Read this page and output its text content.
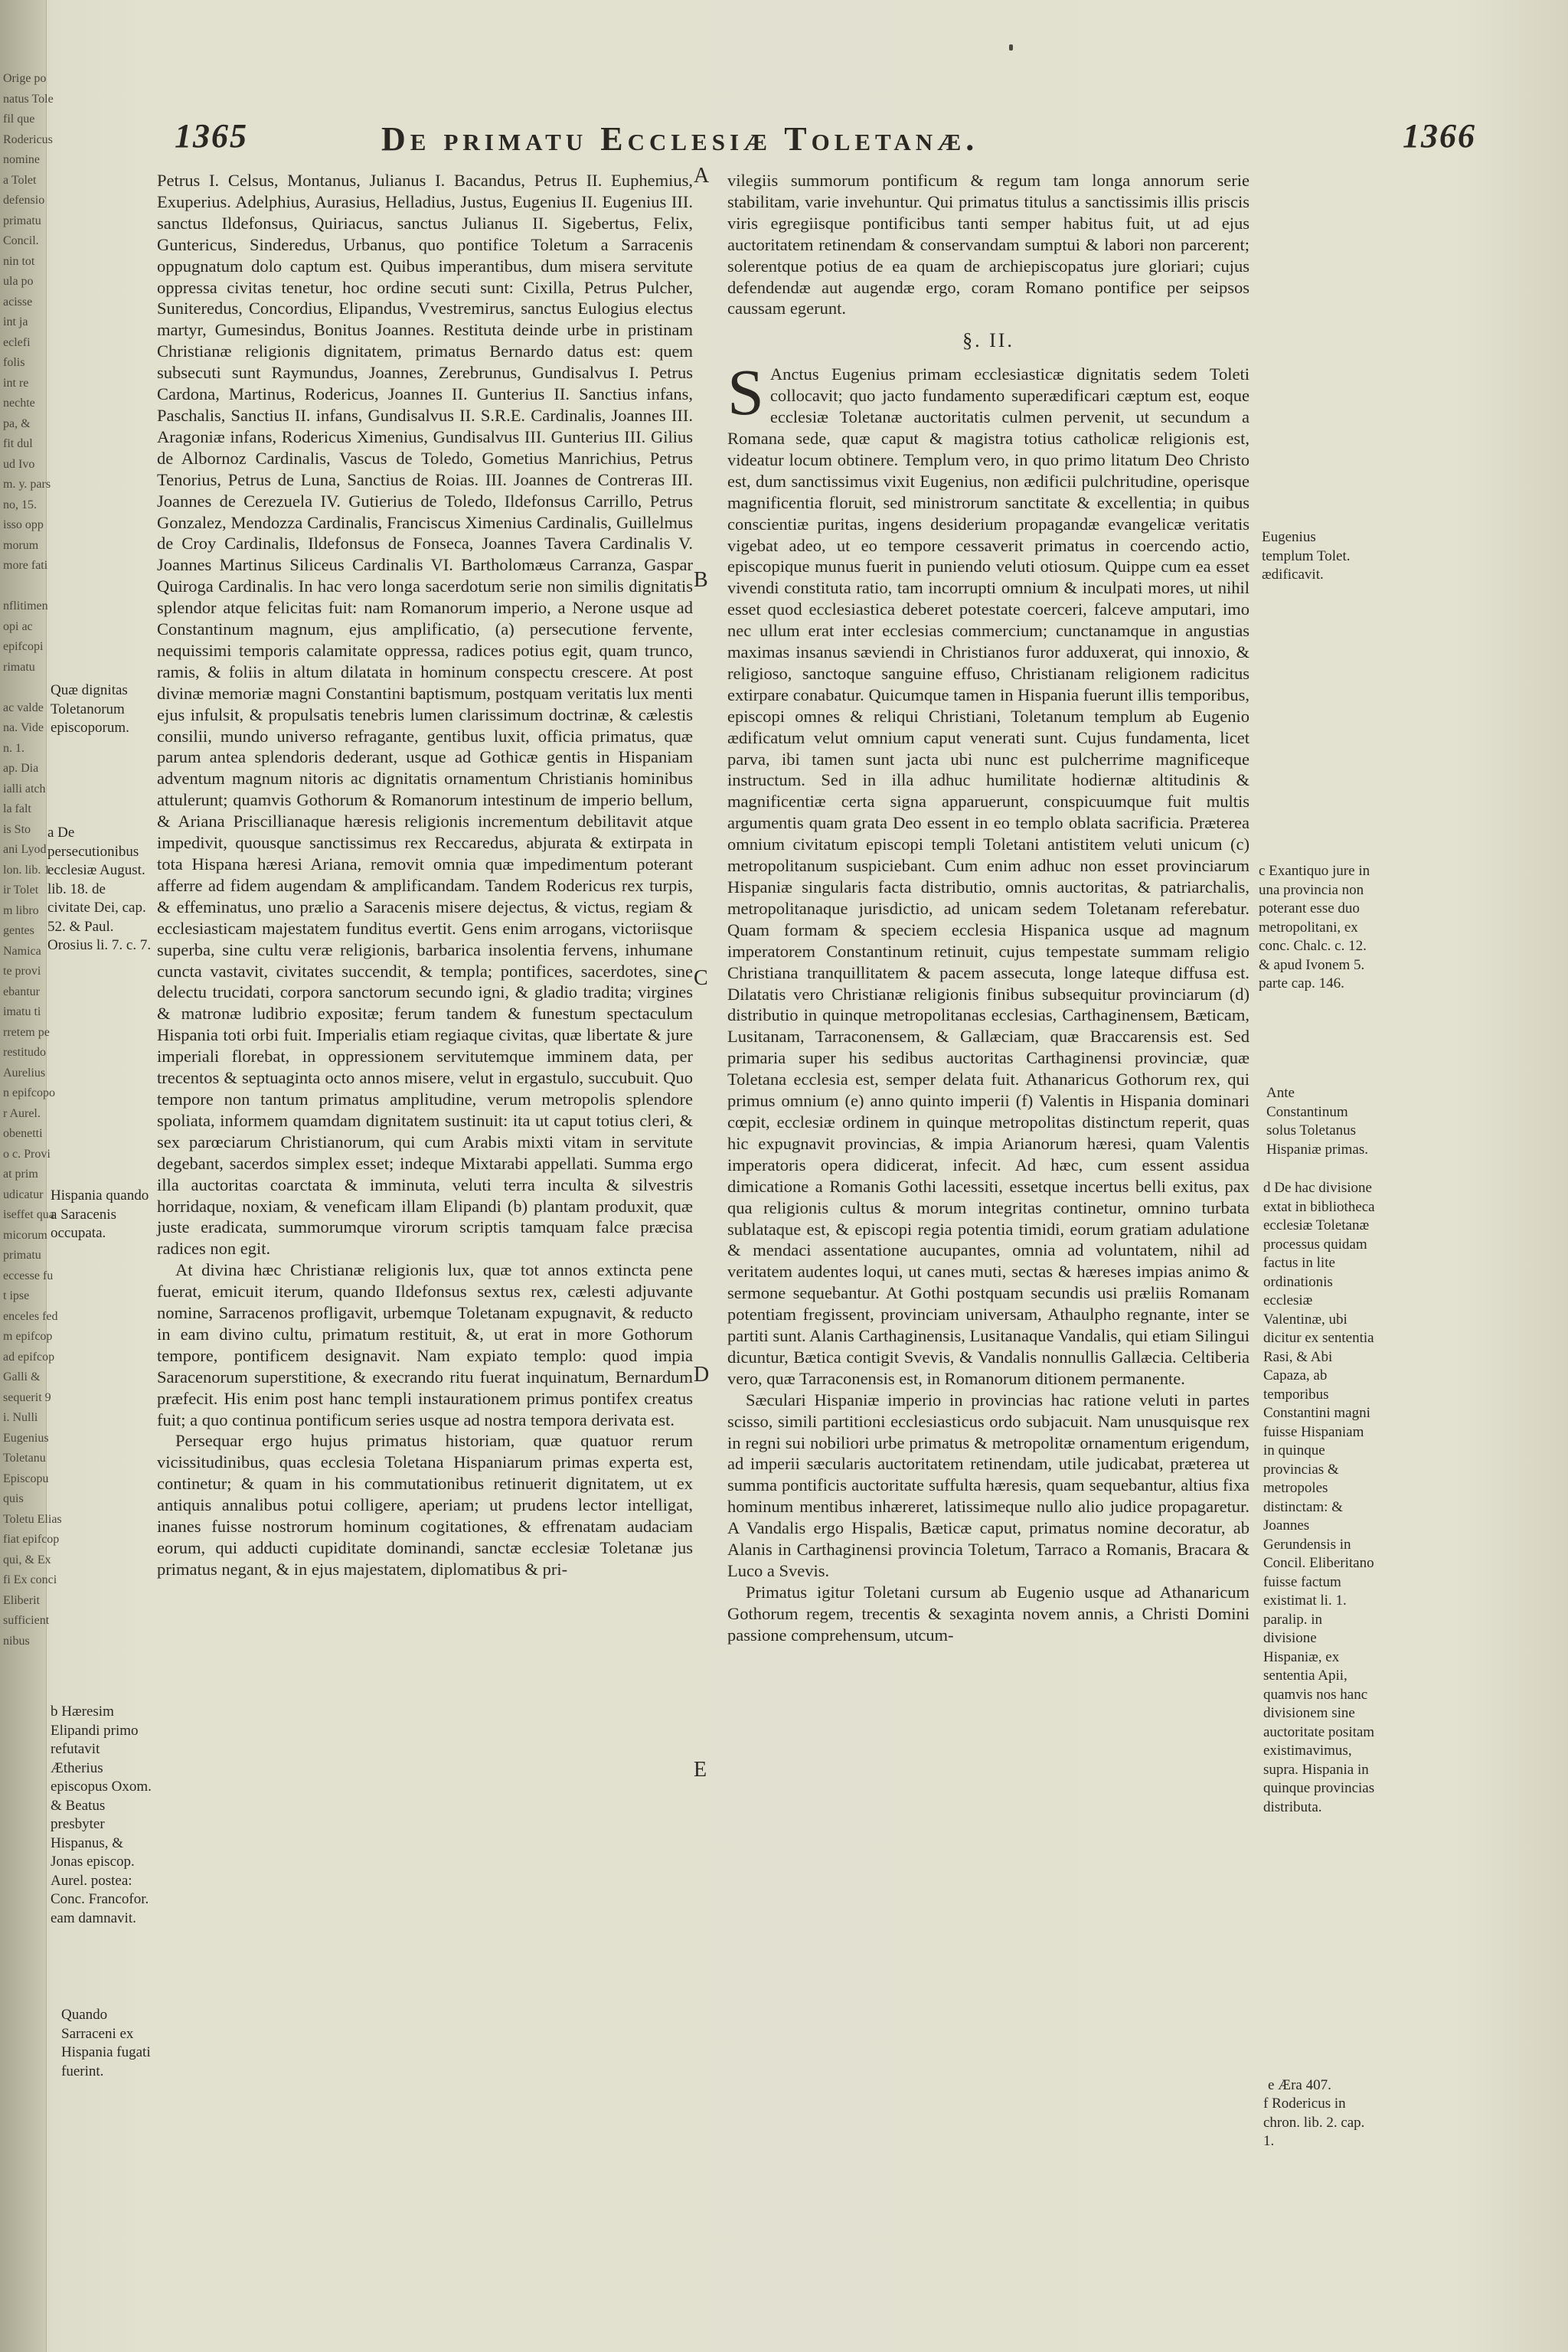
Orige po
natus Tole
fil que
Rodericus
nomine
a Tolet
defensio
primatu
Concil.
nin tot
ula po
acisse
int ja
eclefi
folis
int re
nechte
pa, &
fit dul
ud Ivo
m. y. pars
no, 15.
isso opp
morum
more fati

nflitimen
opi ac
epifcopi
rimatu

ac valde
na. Vide
n. 1.
ap. Dia
ialli atch
la falt
is Sto
ani Lyod
lon. lib. 1
ir Tolet
m libro
gentes
Namica
te provi
ebantur
imatu ti
rretem pe
restitudo
Aurelius
n epifcopo
r Aurel.
obenetti
o c. Provi
at prim
udicatur
iseffet qua
micorum
primatu
eccesse fu
t ipse
enceles fed
m epifcop
ad epifcop
Galli &
sequerit 9
i. Nulli
Eugenius
Toletanu
Episcopu
quis
Toletu Elias
fiat epifcop
qui, & Ex
fi Ex conci
Eliberit
sufficient
nibus
1365	De primatu Ecclesiæ Toletanæ.	1366

Petrus I. Celsus, Montanus, Julianus I. Bacandus, Petrus II. Euphemius, Exuperius. Adelphius, Aurasius, Helladius, Justus, Eugenius II. Eugenius III. sanctus Ildefonsus, Quiriacus, sanctus Julianus II. Sigebertus, Felix, Guntericus, Sinderedus, Urbanus, quo pontifice Toletum a Sarracenis oppugnatum dolo captum est. Quibus imperantibus, dum misera servitute oppressa civitas tenetur, hoc ordine secuti sunt: Cixilla, Petrus Pulcher, Suniteredus, Concordius, Elipandus, Vvestremirus, sanctus Eulogius electus martyr, Gumesindus, Bonitus Joannes. Restituta deinde urbe in pristinam Christianæ religionis dignitatem, primatus Bernardo datus est: quem subsecuti sunt Raymundus, Joannes, Zerebrunus, Gundisalvus I. Petrus Cardona, Martinus, Rodericus, Joannes II. Gunterius II. Sanctius infans, Paschalis, Sanctius II. infans, Gundisalvus II. S.R.E. Cardinalis, Joannes III. Aragoniæ infans, Rodericus Ximenius, Gundisalvus III. Gunterius III. Gilius de Albornoz Cardinalis, Vascus de Toledo, Gometius Manrichius, Petrus Tenorius, Petrus de Luna, Sanctius de Roias. III. Joannes de Contreras III. Joannes de Cerezuela IV. Gutierius de Toledo, Ildefonsus Carrillo, Petrus Gonzalez, Mendozza Cardinalis, Franciscus Ximenius Cardinalis, Guillelmus de Croy Cardinalis, Ildefonsus de Fonseca, Joannes Tavera Cardinalis V. Joannes Martinus Siliceus Cardinalis VI. Bartholomæus Carranza, Gaspar Quiroga Cardinalis. In hac vero longa sacerdotum serie non similis dignitatis splendor atque felicitas fuit: nam Romanorum imperio, a Nerone usque ad Constantinum magnum, ejus amplificatio, (a) persecutione fervente, nequissimi temporis calamitate oppressa, radices potius egit, quam trunco, ramis, & foliis in altum dilatata in hominum conspectu crescere. At post divinæ memoriæ magni Constantini baptismum, postquam veritatis lux menti ejus infulsit, & propulsatis tenebris lumen clarissimum doctrinæ, & cælestis consilii, mundo universo refragante, gentibus luxit, officia primatus, quæ parum antea splendoris dederant, usque ad Gothicæ gentis in Hispaniam adventum magnum nitoris ac dignitatis ornamentum Christianis hominibus attulerunt; quamvis Gothorum & Romanorum intestinum de imperio bellum, & Ariana Priscillianaque hæresis religionis incrementum debilitavit atque impedivit, quousque sanctissimus rex Reccaredus, abjurata & extirpata in tota Hispana hæresi Ariana, removit omnia quæ impedimentum poterant afferre ad fidem augendam & amplificandam. Tandem Rodericus rex turpis, & effeminatus, uno prælio a Saracenis misere dejectus, & victus, regiam & ecclesiasticam majestatem funditus evertit. Gens enim arrogans, victoriisque superba, sine cultu veræ religionis, barbarica insolentia fervens, inhumane cuncta vastavit, civitates succendit, & templa; pontifices, sacerdotes, sine delectu trucidati, corpora sanctorum secundo igni, & gladio tradita; virgines & matronæ ludibrio expositæ; ferum tandem & funestum spectaculum Hispania toti orbi fuit. Imperialis etiam regiaque civitas, quæ libertate & jure imperiali florebat, in oppressionem servitutemque imminem data, per trecentos & septuaginta octo annos misere, velut in ergastulo, succubuit. Quo tempore non tantum primatus amplitudine, verum metropolis splendore spoliata, informem quamdam dignitatem sustinuit: ita ut caput totius cleri, & sex parœciarum Christianorum, qui cum Arabis mixti vitam in servitute degebant, sacerdos simplex esset; indeque Mixtarabi appellati. Summa ergo illa auctoritas coarctata & imminuta, veluti terra inculta & silvestris horridaque, noxiam, & veneficam illam Elipandi (b) plantam produxit, quæ juste eradicata, summorumque virorum scriptis tamquam falce præcisa radices non egit.

At divina hæc Christianæ religionis lux, quæ tot annos extincta pene fuerat, emicuit iterum, quando Ildefonsus sextus rex, cælesti adjuvante nomine, Sarracenos profligavit, urbemque Toletanam expugnavit, & reducto in eam divino cultu, primatum restituit, &, ut erat in more Gothorum tempore, pontificem designavit. Nam expiato templo: quod impia Saracenorum superstitione, & execrando ritu fuerat inquinatum, Bernardum præfecit. His enim post hanc templi instaurationem primus pontifex creatus fuit; a quo continua pontificum series usque ad nostra tempora derivata est.

Persequar ergo hujus primatus historiam, quæ quatuor rerum vicissitudinibus, quas ecclesia Toletana Hispaniarum primas experta est, continetur; & quam in his commutationibus retinuerit dignitatem, ut ex antiquis annalibus potui colligere, aperiam; ut prudens lector intelligat, inanes fuisse nostrorum hominum cogitationes, & effrenatam audaciam eorum, qui adducti cupiditate dominandi, sanctæ ecclesiæ Toletanæ jus primatus negant, & in ejus majestatem, diplomatibus & pri-

vilegiis summorum pontificum & regum tam longa annorum serie stabilitam, varie invehuntur. Qui primatus titulus a sanctissimis illis priscis viris egregiisque pontificibus tanti semper habitus fuit, ut ad ejus auctoritatem retinendam & conservandam sumptui & labori non parcerent; solerentque potius de ea quam de archiepiscopatus jure gloriari; cujus defendendæ aut augendæ ergo, coram Romano pontifice per seipsos caussam egerunt.

§. II.

S Anctus Eugenius primam ecclesiasticæ dignitatis sedem Toleti collocavit; quo jacto fundamento superædificari cæptum est, eoque ecclesiæ Toletanæ auctoritatis culmen pervenit, ut secundum a Romana sede, quæ caput & magistra totius catholicæ religionis est, videatur locum obtinere. Templum vero, in quo primo litatum Deo Christo est, dum sanctissimus vixit Eugenius, non ædificii pulchritudine, operisque magnificentia floruit, sed ministrorum sanctitate & excellentia; in quibus conscientiæ puritas, ingens desiderium propagandæ evangelicæ veritatis vigebat adeo, ut eo tempore cessaverit primatus in coercendo actio, episcopique munus fuerit in puniendo veluti otiosum. Quippe cum ea esset vivendi constituta ratio, tam incorrupti omnium & inculpati mores, ut nihil esset quod ecclesiastica deberet potestate coerceri, falceve amputari, imo nec ullum erat inter ecclesias commercium; cunctanamque in angustias maximas insanus sæviendi in Christianos furor adduxerat, qui innoxio, & religioso, sanctoque sanguine effuso, Christianam religionem radicitus extirpare conabatur. Quicumque tamen in Hispania fuerunt illis temporibus, episcopi omnes & reliqui Christiani, Toletanum templum ab Eugenio ædificatum velut omnium caput venerati sunt. Cujus fundamenta, licet parva, ibi tamen sunt jacta ubi nunc est pulcherrime magnificeque instructum. Sed in illa adhuc humilitate hodiernæ altitudinis & magnificentiæ certa signa apparuerunt, conspicuumque fuit multis argumentis quam grata Deo essent in eo templo oblata sacrificia. Præterea omnium civitatum episcopi templi Toletani antistitem veluti unicum (c) metropolitanum suspiciebant. Cum enim adhuc non esset provinciarum Hispaniæ singularis facta distributio, omnis auctoritas, & patriarchalis, metropolitanaque jurisdictio, ad unicam sedem Toletanam referebatur. Quam formam & speciem ecclesia Hispanica usque ad magnum imperatorem Constantinum retinuit, cujus tempestate summam religio Christiana tranquillitatem & pacem assecuta, longe lateque diffusa est. Dilatatis vero Christianæ religionis finibus subsequitur provinciarum (d) distributio in quinque metropolitanas ecclesias, Carthaginensem, Bæticam, Lusitanam, Tarraconensem, & Gallæciam, quæ Braccarensis est. Sed primaria super his sedibus auctoritas Carthaginensi provinciæ, quæ Toletana ecclesia est, semper delata fuit. Athanaricus Gothorum rex, qui primus omnium (e) anno quinto imperii (f) Valentis in Hispania dominari cœpit, ecclesiæ ordinem in quinque metropolitas distinctum reperit, quas hic expugnavit provincias, & impia Arianorum hæresi, quam Valentis imperatoris opera didicerat, infecit. Ad hæc, cum essent assidua dimicatione a Romanis Gothi lacessiti, essetque incertus belli exitus, pax qua religionis cultus & morum integritas continetur, omnino turbata sublataque est, & episcopi regia potentia timidi, eorum gratiam adulatione & mendaci assentatione aucupantes, omnia ad voluntatem, nihil ad veritatem audentes loqui, ut canes muti, sectas & hæreses impias animo & sermone sequebantur. At Gothi postquam secundis usi præliis Romanam potentiam fregissent, provinciam universam, Athaulpho regnante, inter se partiti sunt. Alanis Carthaginensis, Lusitanaque Vandalis, qui etiam Silingui dicuntur, Bætica contigit Svevis, & Vandalis nonnullis Gallæcia. Celtiberia vero, quæ Tarraconensis est, in Romanorum ditionem permanente.

Sæculari Hispaniæ imperio in provincias hac ratione veluti in partes scisso, simili partitioni ecclesiasticus ordo subjacuit. Nam unusquisque rex in regni sui nobiliori urbe primatus & metropolitæ ornamentum erigendum, ad imperii sæcularis auctoritatem retinendam, utile judicabat, præterea ut summa pontificis auctoritate suffulta hæresis, quam sequebantur, altius fixa hominum mentibus inhæreret, latissimeque nullo alio judice propagaretur. A Vandalis ergo Hispalis, Bæticæ caput, primatus nomine decoratur, ab Alanis in Carthaginensi provincia Toletum, Tarraco a Romanis, Bracara & Luco a Svevis.

Primatus igitur Toletani cursum ab Eugenio usque ad Athanaricum Gothorum regem, trecentis & sexaginta novem annis, a Christi Domini passione comprehensum, utcum-

A
B
C
D
E
Quæ dignitas Toletanorum episcoporum.
a De persecutionibus ecclesiæ August. lib. 18. de civitate Dei, cap. 52. & Paul. Orosius li. 7. c. 7.
Hispania quando a Saracenis occupata.
b Hæresim Elipandi primo refutavit Ætherius episcopus Oxom. & Beatus presbyter Hispanus, & Jonas episcop. Aurel. postea: Conc. Francofor. eam damnavit.
Quando Sarraceni ex Hispania fugati fuerint.
Eugenius templum Tolet. ædificavit.
c Exantiquo jure in una provincia non poterant esse duo metropolitani, ex conc. Chalc. c. 12. & apud Ivonem 5. parte cap. 146.
Ante Constantinum solus Toletanus Hispaniæ primas.
d De hac divisione extat in bibliotheca ecclesiæ Toletanæ processus quidam factus in lite ordinationis ecclesiæ Valentinæ, ubi dicitur ex sententia Rasi, & Abi Capaza, ab temporibus Constantini magni fuisse Hispaniam in quinque provincias & metropoles distinctam: & Joannes Gerundensis in Concil. Eliberitano fuisse factum existimat li. 1. paralip. in divisione Hispaniæ, ex sententia Apii, quamvis nos hanc divisionem sine auctoritate positam existimavimus, supra. Hispania in quinque provincias distributa.
e Æra 407.
f Rodericus in chron. lib. 2. cap. 1.
